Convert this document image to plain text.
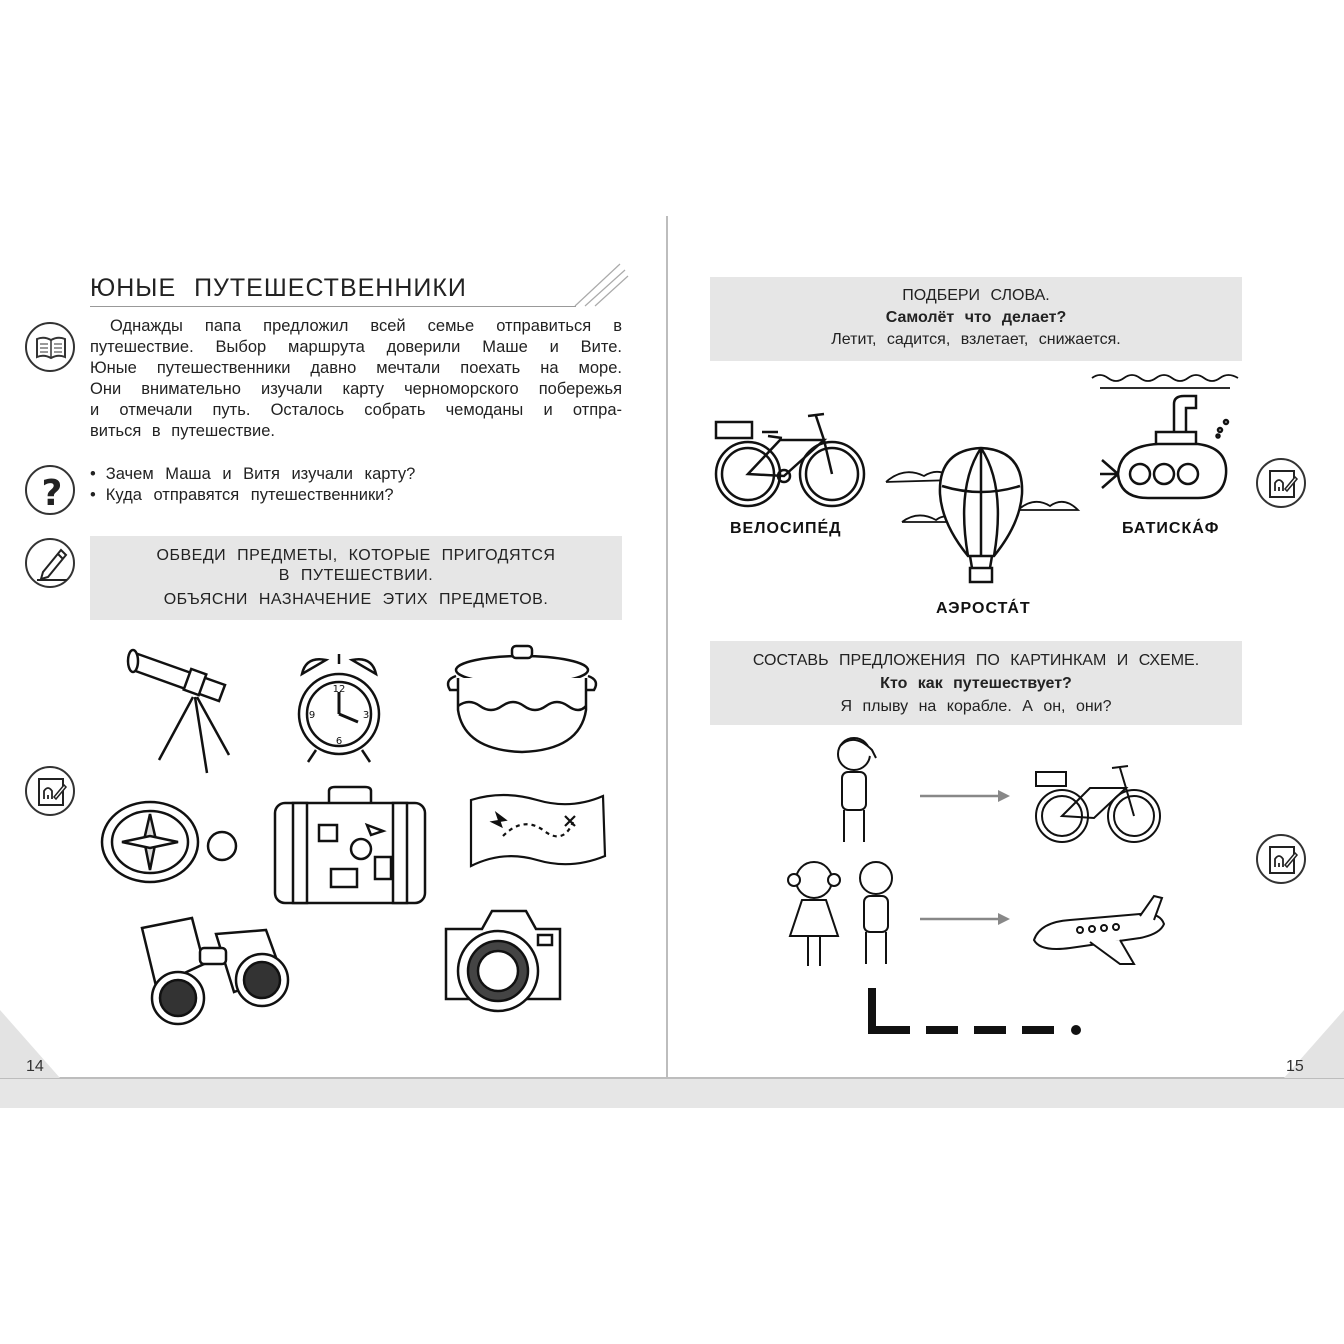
14	15
ЮНЫЕ ПУТЕШЕСТВЕННИКИ
Однажды папа предложил всей семье отправиться в
путешествие. Выбор маршрута доверили Маше и Вите.
Юные путешественники давно мечтали поехать на море.
Они внимательно изучали карту черноморского побережья
и отмечали путь. Осталось собрать чемоданы и отпра-
виться в путешествие.
• Зачем Маша и Витя изучали карту?
• Куда отправятся путешественники?
ОБВЕДИ ПРЕДМЕТЫ, КОТОРЫЕ ПРИГОДЯТСЯ
В ПУТЕШЕСТВИИ.
ОБЪЯСНИ НАЗНАЧЕНИЕ ЭТИХ ПРЕДМЕТОВ.
?
12
3
6
9
ПОДБЕРИ СЛОВА.
Самолёт что делает?
Летит, садится, взлетает, снижается.
ВЕЛОСИПЕ́Д
АЭРОСТА́Т
БАТИСКА́Ф
СОСТАВЬ ПРЕДЛОЖЕНИЯ ПО КАРТИНКАМ И СХЕМЕ.
Кто как путешествует?
Я плыву на корабле. А он, они?
